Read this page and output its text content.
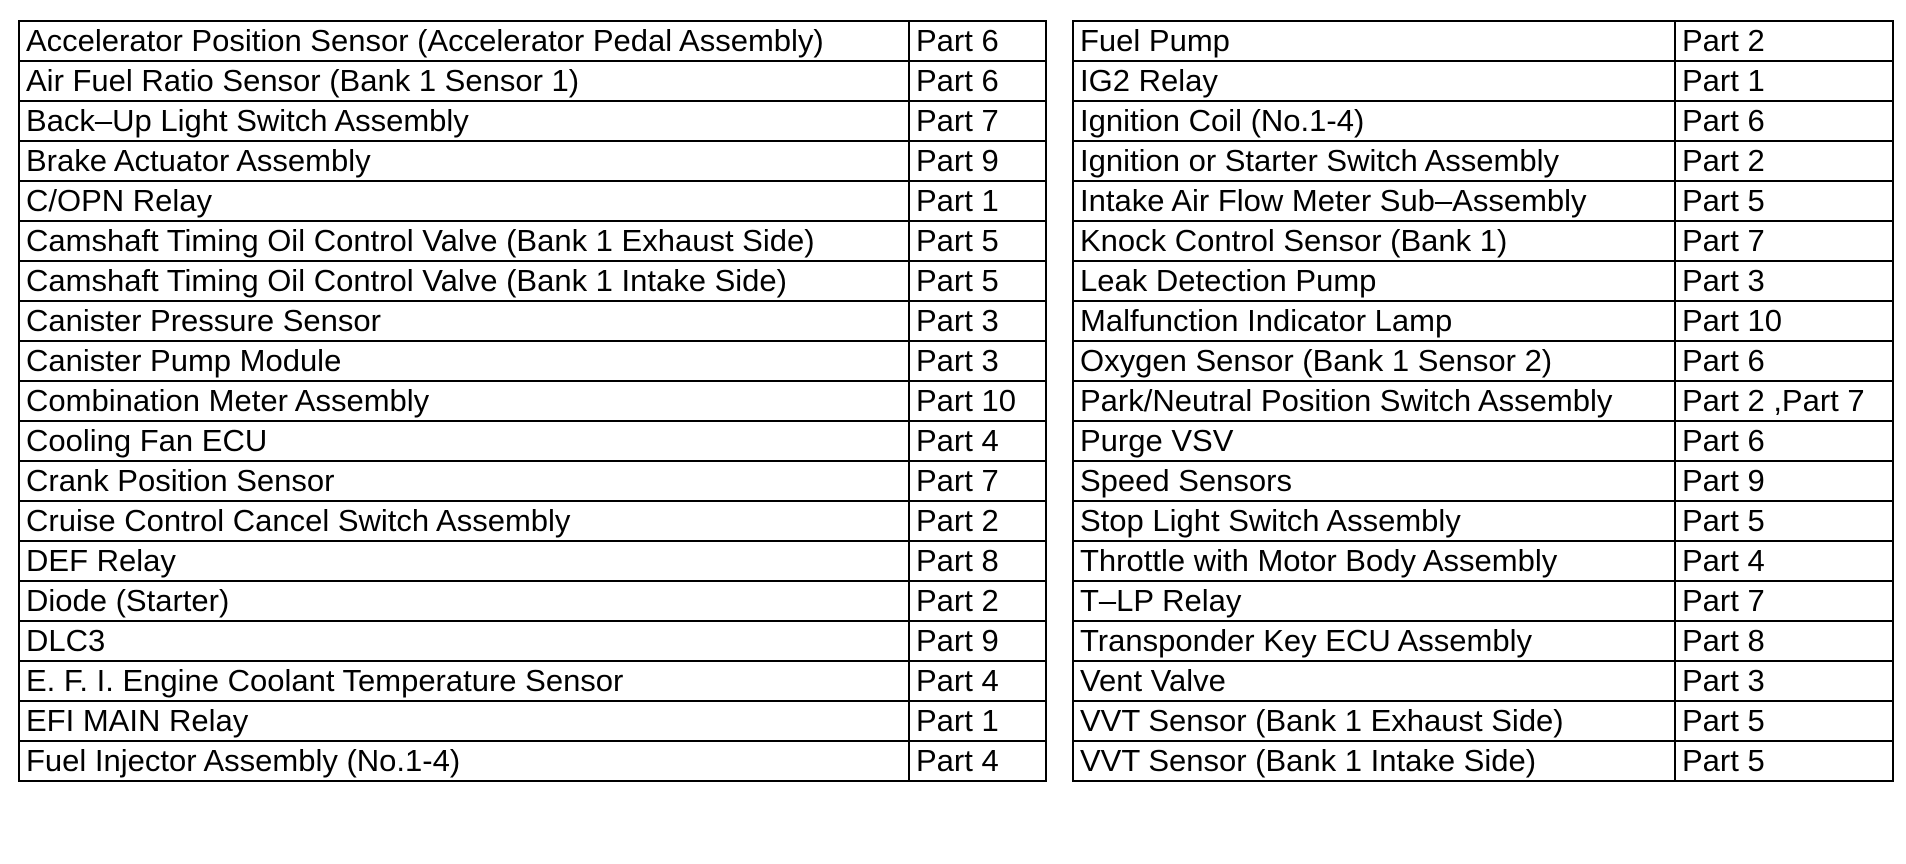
Accelerator Position Sensor (Accelerator Pedal Assembly)	Part 6
Air Fuel Ratio Sensor (Bank 1 Sensor 1)	Part 6
Back–Up Light Switch Assembly	Part 7
Brake Actuator Assembly	Part 9
C/OPN Relay	Part 1
Camshaft Timing Oil Control Valve (Bank 1 Exhaust Side)	Part 5
Camshaft Timing Oil Control Valve (Bank 1 Intake Side)	Part 5
Canister Pressure Sensor	Part 3
Canister Pump Module	Part 3
Combination Meter Assembly	Part 10
Cooling Fan ECU	Part 4
Crank Position Sensor	Part 7
Cruise Control Cancel Switch Assembly	Part 2
DEF Relay	Part 8
Diode (Starter)	Part 2
DLC3	Part 9
E. F. I. Engine Coolant Temperature Sensor	Part 4
EFI MAIN Relay	Part 1
Fuel Injector Assembly (No.1-4)	Part 4
Fuel Pump	Part 2
IG2 Relay	Part 1
Ignition Coil (No.1-4)	Part 6
Ignition or Starter Switch Assembly	Part 2
Intake Air Flow Meter Sub–Assembly	Part 5
Knock Control Sensor (Bank 1)	Part 7
Leak Detection Pump	Part 3
Malfunction Indicator Lamp	Part 10
Oxygen Sensor (Bank 1 Sensor 2)	Part 6
Park/Neutral Position Switch Assembly	Part 2 ,Part 7
Purge VSV	Part 6
Speed Sensors	Part 9
Stop Light Switch Assembly	Part 5
Throttle with Motor Body Assembly	Part 4
T–LP Relay	Part 7
Transponder Key ECU Assembly	Part 8
Vent Valve	Part 3
VVT Sensor (Bank 1 Exhaust Side)	Part 5
VVT Sensor (Bank 1 Intake Side)	Part 5
